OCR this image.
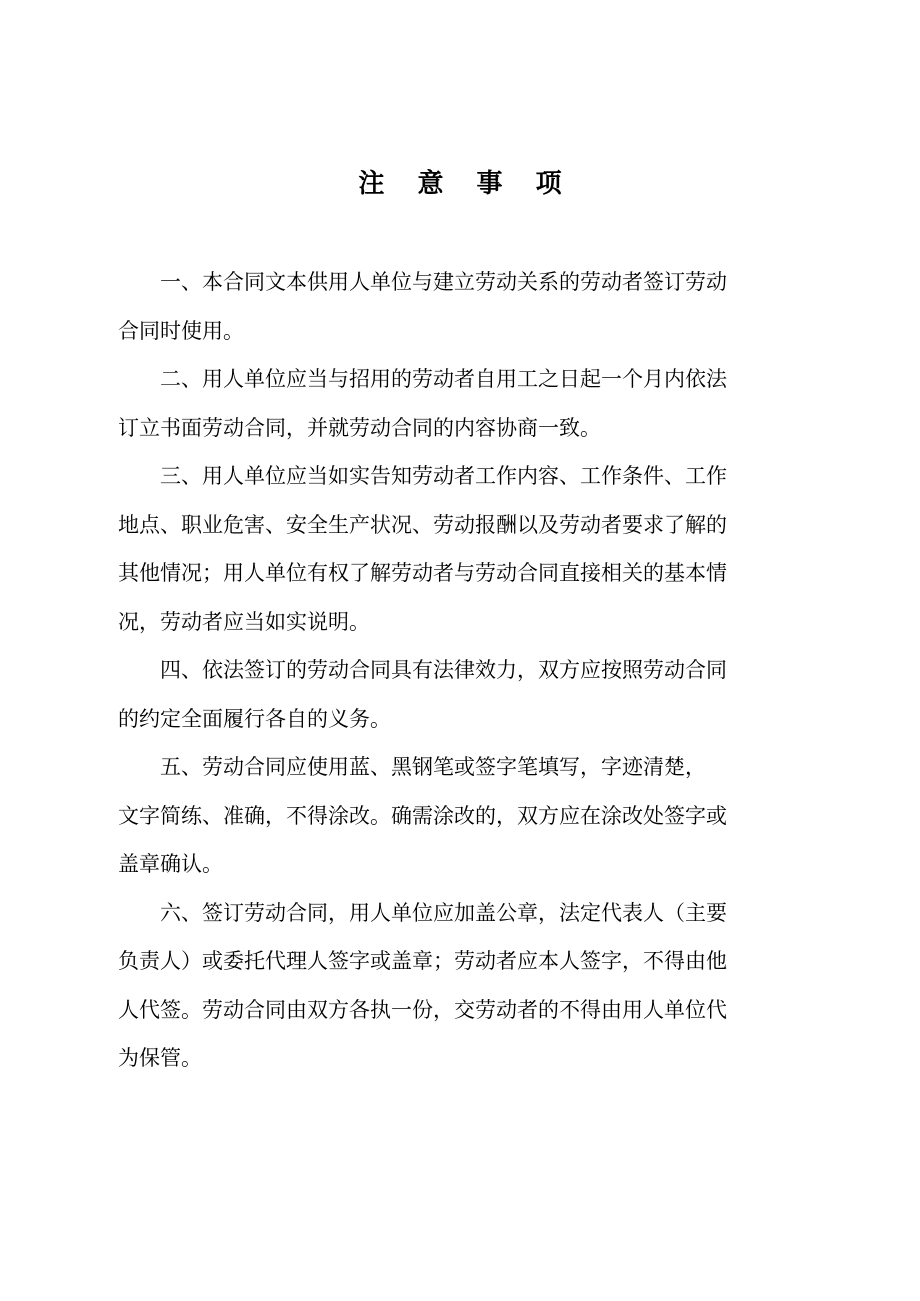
注 意 事 项
一、本合同文本供用人单位与建立劳动关系的劳动者签订劳动
合同时使用。
二、用人单位应当与招用的劳动者自用工之日起一个月内依法
订立书面劳动合同，并就劳动合同的内容协商一致。
三、用人单位应当如实告知劳动者工作内容、工作条件、工作
地点、职业危害、安全生产状况、劳动报酬以及劳动者要求了解的
其他情况；用人单位有权了解劳动者与劳动合同直接相关的基本情
况，劳动者应当如实说明。
四、依法签订的劳动合同具有法律效力，双方应按照劳动合同
的约定全面履行各自的义务。
五、劳动合同应使用蓝、黑钢笔或签字笔填写，字迹清楚，
文字简练、准确，不得涂改。确需涂改的，双方应在涂改处签字或
盖章确认。
六、签订劳动合同，用人单位应加盖公章，法定代表人（主要
负责人）或委托代理人签字或盖章；劳动者应本人签字，不得由他
人代签。劳动合同由双方各执一份，交劳动者的不得由用人单位代
为保管。
